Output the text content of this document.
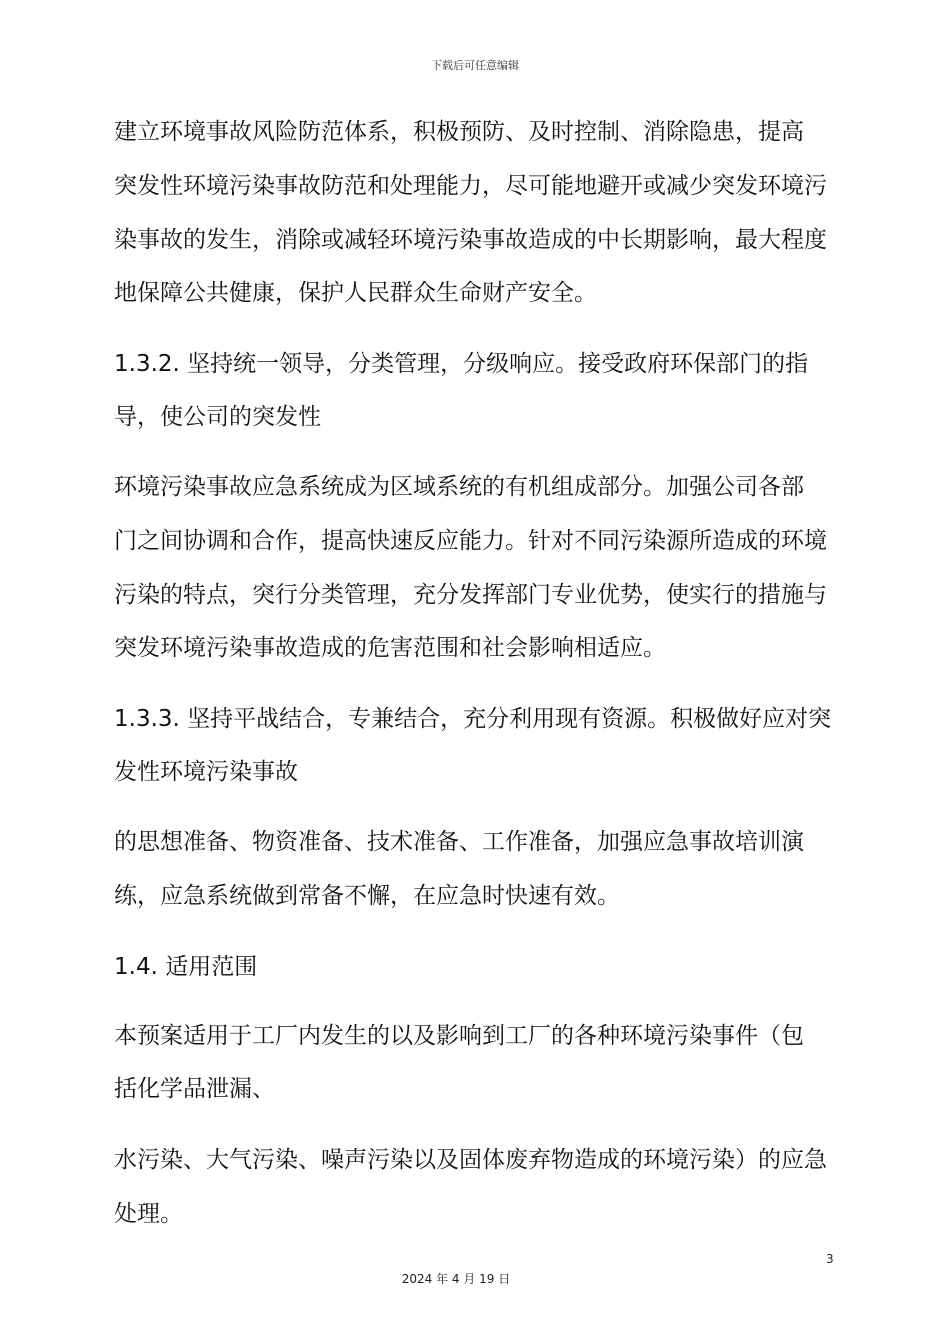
下载后可任意编辑
建立环境事故风险防范体系，积极预防、及时控制、消除隐患，提高
突发性环境污染事故防范和处理能力，尽可能地避开或减少突发环境污
染事故的发生，消除或减轻环境污染事故造成的中长期影响，最大程度
地保障公共健康，保护人民群众生命财产安全。
1.3.2. 坚持统一领导，分类管理，分级响应。接受政府环保部门的指
导，使公司的突发性
环境污染事故应急系统成为区域系统的有机组成部分。加强公司各部
门之间协调和合作，提高快速反应能力。针对不同污染源所造成的环境
污染的特点，突行分类管理，充分发挥部门专业优势，使实行的措施与
突发环境污染事故造成的危害范围和社会影响相适应。
1.3.3. 坚持平战结合，专兼结合，充分利用现有资源。积极做好应对突
发性环境污染事故
的思想准备、物资准备、技术准备、工作准备，加强应急事故培训演
练，应急系统做到常备不懈，在应急时快速有效。
1.4. 适用范围
本预案适用于工厂内发生的以及影响到工厂的各种环境污染事件（包
括化学品泄漏、
水污染、大气污染、噪声污染以及固体废弃物造成的环境污染）的应急
处理。
3
2024 年 4 月 19 日
